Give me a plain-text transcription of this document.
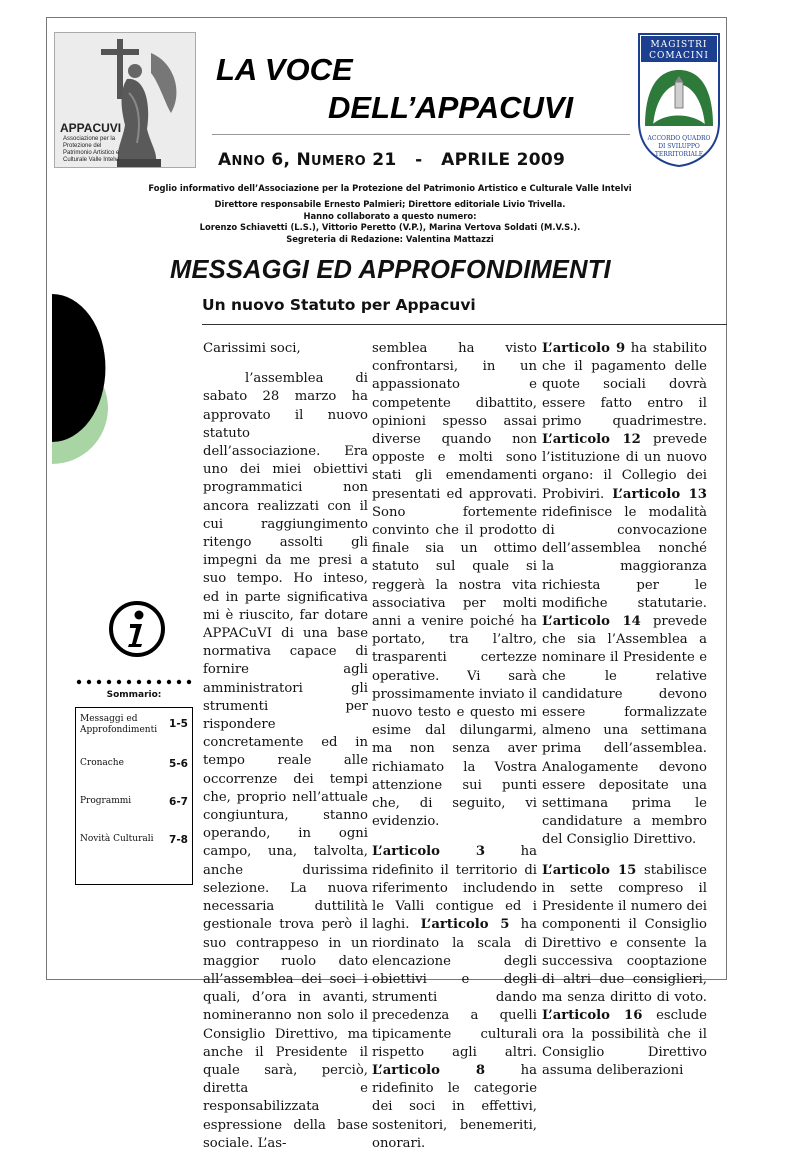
APPACUVI
Associazione per la Protezione del Patrimonio Artistico e Culturale Valle Intelvi
LA VOCE
DELL’APPACUVI
ANNO 6, NUMERO 21   -   APRILE 2009
MAGISTRI
COMACINI
ACCORDO QUADRO
DI SVILUPPO
TERRITORIALE
Foglio informativo dell’Associazione per la Protezione del Patrimonio Artistico e Culturale Valle Intelvi
Direttore responsabile Ernesto Palmieri; Direttore editoriale Livio Trivella.
Hanno collaborato a questo numero:
Lorenzo Schiavetti (L.S.), Vittorio Peretto (V.P.), Marina Vertova Soldati (M.V.S.).
Segreteria di Redazione: Valentina Mattazzi
MESSAGGI ED APPROFONDIMENTI
Un nuovo Statuto per Appacuvi
Sommario:
Messaggi ed Approfondimenti 1-5
Cronache	5-6
Programmi	6-7
Novità Culturali 7-8

Carissimi soci,

l’assemblea di sabato 28 marzo ha approvato il nuovo statuto dell’associazione. Era uno dei miei obiettivi programmatici non ancora realizzati con il cui raggiungimento ritengo assolti gli impegni da me presi a suo tempo. Ho inteso, ed in parte significativa mi è riuscito, far dotare APPACuVI di una base normativa capace di fornire agli amministratori gli strumenti per rispondere concretamente ed in tempo reale alle occorrenze dei tempi che, proprio nell’attuale congiuntura, stanno operando, in ogni campo, una, talvolta, anche durissima selezione. La nuova necessaria duttilità gestionale trova però il suo contrappeso in un maggior ruolo dato all’assemblea dei soci i quali, d’ora in avanti, nomineranno non solo il Consiglio Direttivo, ma anche il Presidente il quale sarà, perciò, diretta e responsabilizzata espressione della base sociale. L’as-

semblea ha visto confrontarsi, in un appassionato e competente dibattito, opinioni spesso assai diverse quando non opposte e molti sono stati gli emendamenti presentati ed approvati. Sono fortemente convinto che il prodotto finale sia un ottimo statuto sul quale si reggerà la nostra vita associativa per molti anni a venire poiché ha portato, tra l’altro, trasparenti certezze operative. Vi sarà prossimamente inviato il nuovo testo e questo mi esime dal dilungarmi, ma non senza aver richiamato la Vostra attenzione sui punti che, di seguito, vi evidenzio.

L’articolo 3 ha ridefinito il territorio di riferimento includendo le Valli contigue ed i laghi. L’articolo 5 ha riordinato la scala di elencazione degli obiettivi e degli strumenti dando precedenza a quelli tipicamente culturali rispetto agli altri. L’articolo 8 ha ridefinito le categorie dei soci in effettivi, sostenitori, benemeriti, onorari.

L’articolo 9 ha stabilito che il pagamento delle quote sociali dovrà essere fatto entro il primo quadrimestre. L’articolo 12 prevede l’istituzione di un nuovo organo: il Collegio dei Probiviri. L’articolo 13 ridefinisce le modalità di convocazione dell’assemblea nonché la maggioranza richiesta per le modifiche statutarie. L’articolo 14 prevede che sia l’Assemblea a nominare il Presidente e che le relative candidature devono essere formalizzate almeno una settimana prima dell’assemblea. Analogamente devono essere depositate una settimana prima le candidature a membro del Consiglio Direttivo.

L’articolo 15 stabilisce in sette compreso il Presidente il numero dei componenti il Consiglio Direttivo e consente la successiva cooptazione di altri due consiglieri, ma senza diritto di voto. L’articolo 16 esclude ora la possibilità che il Consiglio Direttivo assuma deliberazioni
